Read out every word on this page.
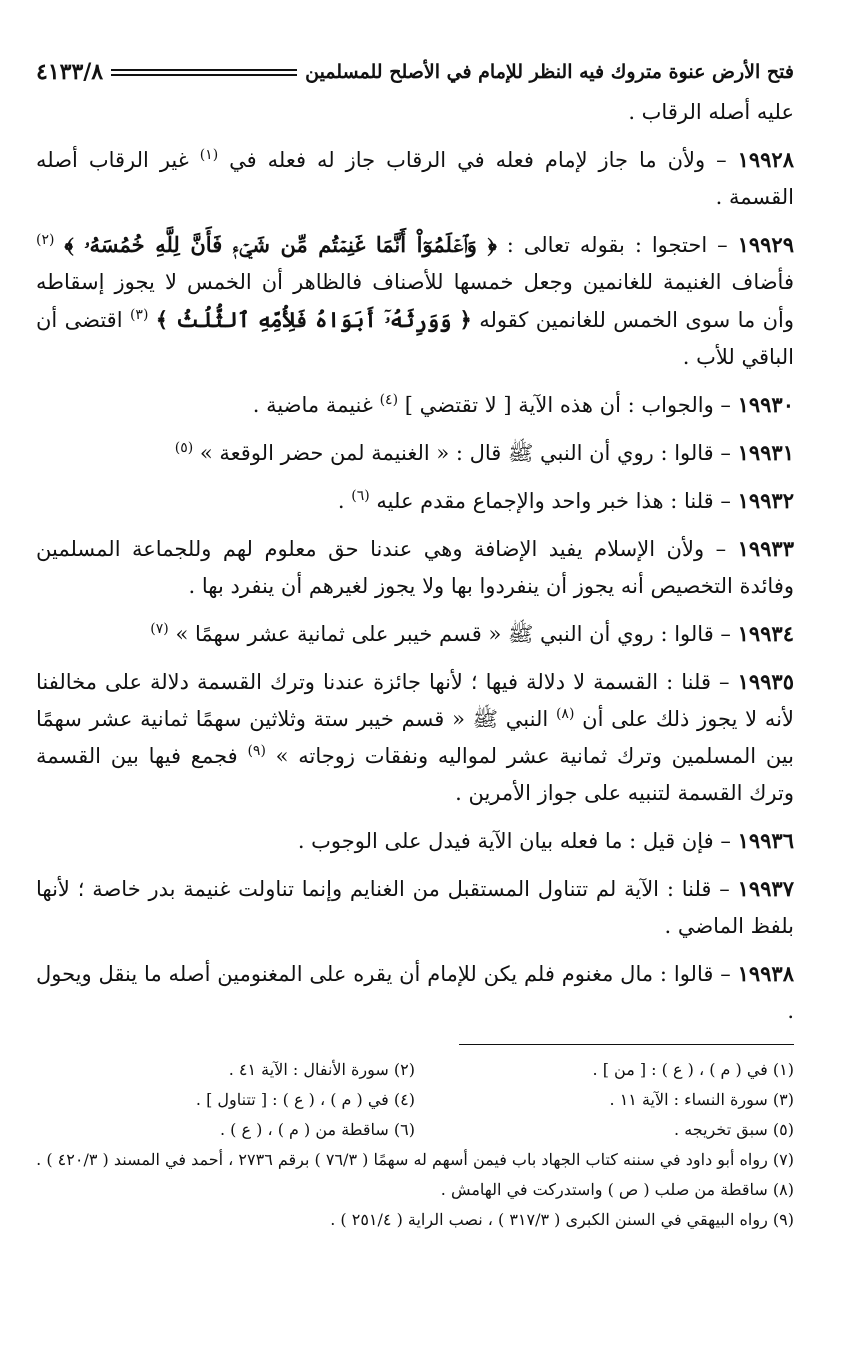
فتح الأرض عنوة متروك فيه النظر للإمام في الأصلح للمسلمين
٤١٣٣/٨

عليه أصله الرقاب .

١٩٩٢٨ – ولأن ما جاز لإمام فعله في الرقاب جاز له فعله في $^{(١)}$ غير الرقاب أصله القسمة .

١٩٩٢٩ – احتجوا : بقوله تعالى : ﴿ وَٱعۡلَمُوٓاْ أَنَّمَا غَنِمۡتُم مِّن شَيۡءٖ فَأَنَّ لِلَّهِ خُمُسَهُۥ ﴾ $^{(٢)}$ فأضاف الغنيمة للغانمين وجعل خمسها للأصناف فالظاهر أن الخمس لا يجوز إسقاطه وأن ما سوى الخمس للغانمين كقوله ﴿ وَوَرِثَهُۥٓ أَبَوَاهُ فَلِأُمِّهِ ٱلثُّلُثُ ﴾ $^{(٣)}$ اقتضى أن الباقي للأب .

١٩٩٣٠ – والجواب : أن هذه الآية [ لا تقتضي ] $^{(٤)}$ غنيمة ماضية .

١٩٩٣١ – قالوا : روي أن النبي ﷺ قال : « الغنيمة لمن حضر الوقعة » $^{(٥)}$

١٩٩٣٢ – قلنا : هذا خبر واحد والإجماع مقدم عليه $^{(٦)}$ .

١٩٩٣٣ – ولأن الإسلام يفيد الإضافة وهي عندنا حق معلوم لهم وللجماعة المسلمين وفائدة التخصيص أنه يجوز أن ينفردوا بها ولا يجوز لغيرهم أن ينفرد بها .

١٩٩٣٤ – قالوا : روي أن النبي ﷺ « قسم خيبر على ثمانية عشر سهمًا » $^{(٧)}$

١٩٩٣٥ – قلنا : القسمة لا دلالة فيها ؛ لأنها جائزة عندنا وترك القسمة دلالة على مخالفنا لأنه لا يجوز ذلك على أن $^{(٨)}$ النبي ﷺ « قسم خيبر ستة وثلاثين سهمًا ثمانية عشر سهمًا بين المسلمين وترك ثمانية عشر لمواليه ونفقات زوجاته » $^{(٩)}$ فجمع فيها بين القسمة وترك القسمة لتنبيه على جواز الأمرين .

١٩٩٣٦ – فإن قيل : ما فعله بيان الآية فيدل على الوجوب .

١٩٩٣٧ – قلنا : الآية لم تتناول المستقبل من الغنايم وإنما تناولت غنيمة بدر خاصة ؛ لأنها بلفظ الماضي .

١٩٩٣٨ – قالوا : مال مغنوم فلم يكن للإمام أن يقره على المغنومين أصله ما ينقل ويحول .

(١) في ( م ) ، ( ع ) : [ من ] .
(٢) سورة الأنفال : الآية ٤١ .
(٣) سورة النساء : الآية ١١ .
(٤) في ( م ) ، ( ع ) : [ تتناول ] .
(٥) سبق تخريجه .
(٦) ساقطة من ( م ) ، ( ع ) .
(٧) رواه أبو داود في سننه كتاب الجهاد باب فيمن أسهم له سهمًا ( ٧٦/٣ ) برقم ٢٧٣٦ ، أحمد في المسند ( ٤٢٠/٣ ) .
(٨) ساقطة من صلب ( ص ) واستدركت في الهامش .
(٩) رواه البيهقي في السنن الكبرى ( ٣١٧/٣ ) ، نصب الراية ( ٢٥١/٤ ) .
